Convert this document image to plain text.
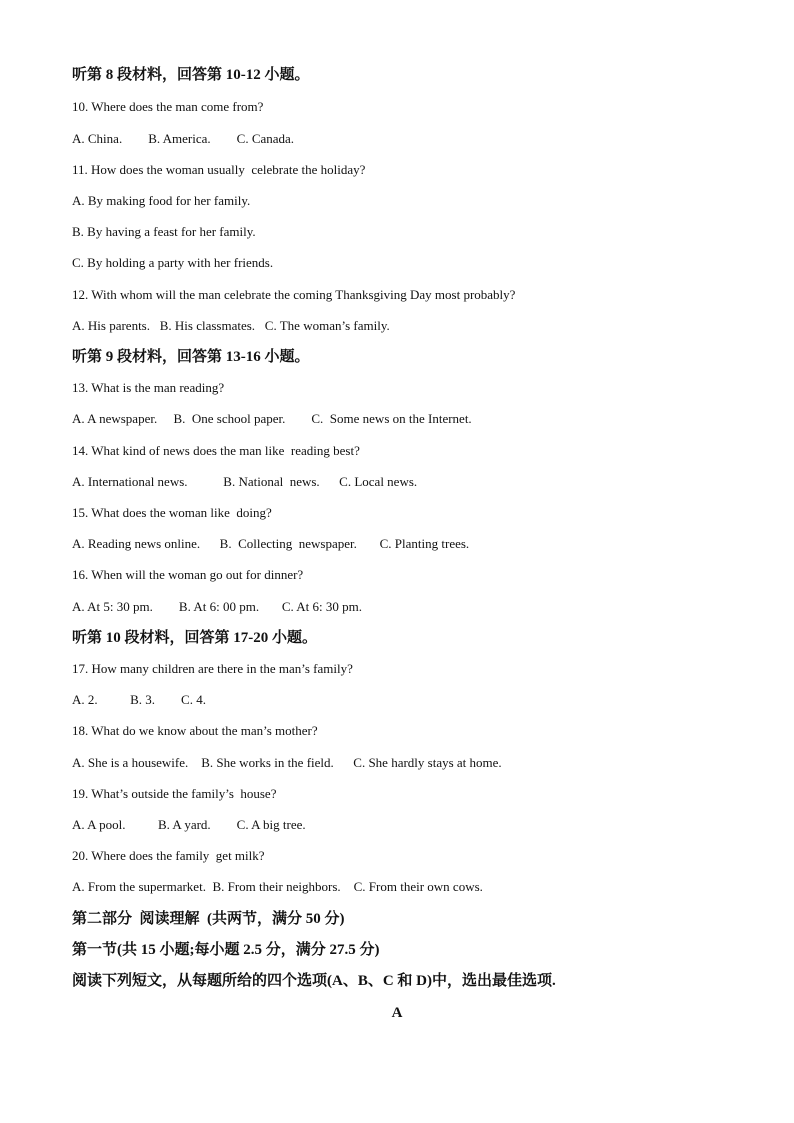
听第 8 段材料，回答第 10-12 小题。
10. Where does the man come from?
A. China.        B. America.        C. Canada.
11. How does the woman usually  celebrate the holiday?
A. By making food for her family.
B. By having a feast for her family.
C. By holding a party with her friends.
12. With whom will the man celebrate the coming Thanksgiving Day most probably?
A. His parents.   B. His classmates.   C. The woman’s family.
听第 9 段材料，回答第 13-16 小题。
13. What is the man reading?
A. A newspaper.     B.  One school paper.        C.  Some news on the Internet.
14. What kind of news does the man like  reading best?
A. International news.           B. National  news.      C. Local news.
15. What does the woman like  doing?
A. Reading news online.      B.  Collecting  newspaper.       C. Planting trees.
16. When will the woman go out for dinner?
A. At 5: 30 pm.        B. At 6: 00 pm.       C. At 6: 30 pm.
听第 10 段材料，回答第 17-20 小题。
17. How many children are there in the man’s family?
A. 2.          B. 3.        C. 4.
18. What do we know about the man’s mother?
A. She is a housewife.    B. She works in the field.      C. She hardly stays at home.
19. What’s outside the family’s  house?
A. A pool.          B. A yard.        C. A big tree.
20. Where does the family  get milk?
A. From the supermarket.  B. From their neighbors.    C. From their own cows.
第二部分  阅读理解  (共两节，满分 50 分)
第一节(共 15 小题;每小题 2.5 分，满分 27.5 分)
阅读下列短文，从每题所给的四个选项(A、B、C 和 D)中，选出最佳选项.
A
